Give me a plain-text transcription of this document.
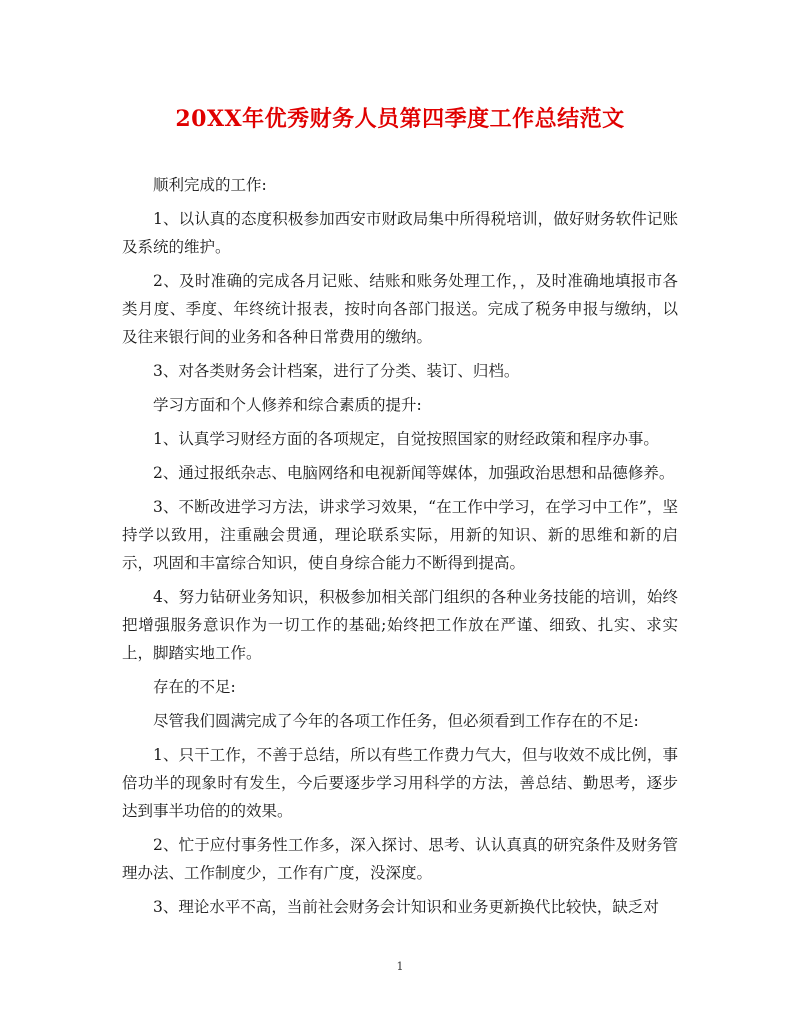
20XX年优秀财务人员第四季度工作总结范文

顺利完成的工作:

1、以认真的态度积极参加西安市财政局集中所得税培训，做好财务软件记账及系统的维护。

2、及时准确的完成各月记账、结账和账务处理工作，，及时准确地填报市各类月度、季度、年终统计报表，按时向各部门报送。完成了税务申报与缴纳，以及往来银行间的业务和各种日常费用的缴纳。

3、对各类财务会计档案，进行了分类、装订、归档。

学习方面和个人修养和综合素质的提升:

1、认真学习财经方面的各项规定，自觉按照国家的财经政策和程序办事。

2、通过报纸杂志、电脑网络和电视新闻等媒体，加强政治思想和品德修养。

3、不断改进学习方法，讲求学习效果，“在工作中学习，在学习中工作”，坚持学以致用，注重融会贯通，理论联系实际，用新的知识、新的思维和新的启示，巩固和丰富综合知识，使自身综合能力不断得到提高。

4、努力钻研业务知识，积极参加相关部门组织的各种业务技能的培训，始终把增强服务意识作为一切工作的基础;始终把工作放在严谨、细致、扎实、求实上，脚踏实地工作。

存在的不足:

尽管我们圆满完成了今年的各项工作任务，但必须看到工作存在的不足:

1、只干工作，不善于总结，所以有些工作费力气大，但与收效不成比例，事倍功半的现象时有发生，今后要逐步学习用科学的方法，善总结、勤思考，逐步达到事半功倍的的效果。

2、忙于应付事务性工作多，深入探讨、思考、认认真真的研究条件及财务管理办法、工作制度少，工作有广度，没深度。

3、理论水平不高，当前社会财务会计知识和业务更新换代比较快，缺乏对

1
